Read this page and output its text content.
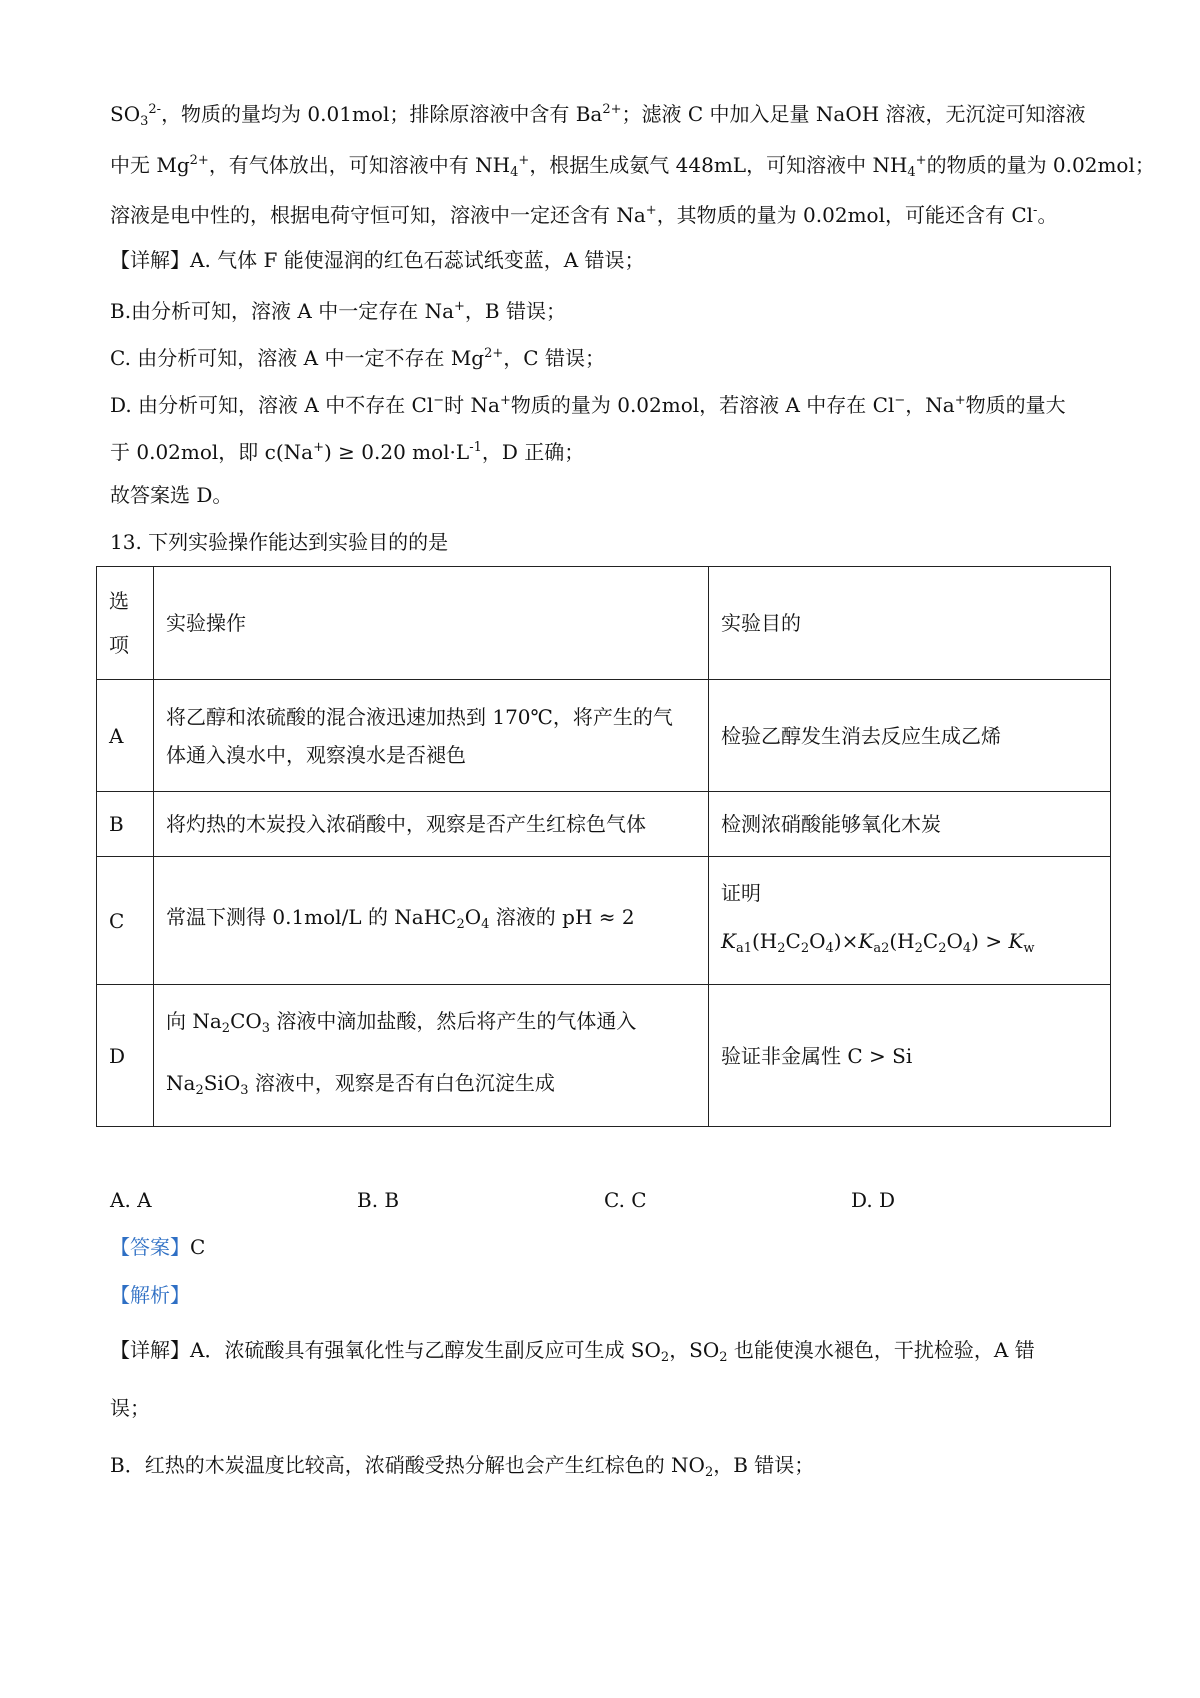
$SO_3^{2-}$，物质的量均为 0.01mol；排除原溶液中含有 $Ba^{2+}$；滤液 C 中加入足量 NaOH 溶液，无沉淀可知溶液
中无 $Mg^{2+}$，有气体放出，可知溶液中有 $NH_4^+$，根据生成氨气 448mL，可知溶液中 $NH_4^+$的物质的量为 0.02mol；
溶液是电中性的，根据电荷守恒可知，溶液中一定还含有 Na+，其物质的量为 0.02mol，可能还含有 Cl-。
【详解】A. 气体 F 能使湿润的红色石蕊试纸变蓝，A 错误；
B.由分析可知，溶液 A 中一定存在 Na+，B 错误；
C. 由分析可知，溶液 A 中一定不存在 $Mg^{2+}$，C 错误；
D. 由分析可知，溶液 A 中不存在 Cl−时 Na+物质的量为 0.02mol，若溶液 A 中存在 Cl−，Na+物质的量大
于 0.02mol，即 c(Na+) ≥ 0.20 $mol\cdot L^{-1}$，D 正确；
故答案选 D。
13. 下列实验操作能达到实验目的的是
选
项	实验操作	实验目的
A	将乙醇和浓硫酸的混合液迅速加热到 170℃，将产生的气
体通入溴水中，观察溴水是否褪色	检验乙醇发生消去反应生成乙烯
B	将灼热的木炭投入浓硝酸中，观察是否产生红棕色气体	检测浓硝酸能够氧化木炭
C	常温下测得 0.1mol/L 的 $NaHC_2O_4$ 溶液的 pH ≈ 2	证明
$K_{a1}(H_2C_2O_4)\times K_{a2}(H_2C_2O_4) > K_w$

D	向 $Na_2CO_3$ 溶液中滴加盐酸，然后将产生的气体通入
$Na_2SiO_3$ 溶液中，观察是否有白色沉淀生成	验证非金属性 C > Si
A. A	B. B	C. C	D. D
【答案】C
【解析】
【详解】A．浓硫酸具有强氧化性与乙醇发生副反应可生成 $SO_2$，$SO_2$ 也能使溴水褪色，干扰检验，A 错
误；
B．红热的木炭温度比较高，浓硝酸受热分解也会产生红棕色的 $NO_2$，B 错误；
